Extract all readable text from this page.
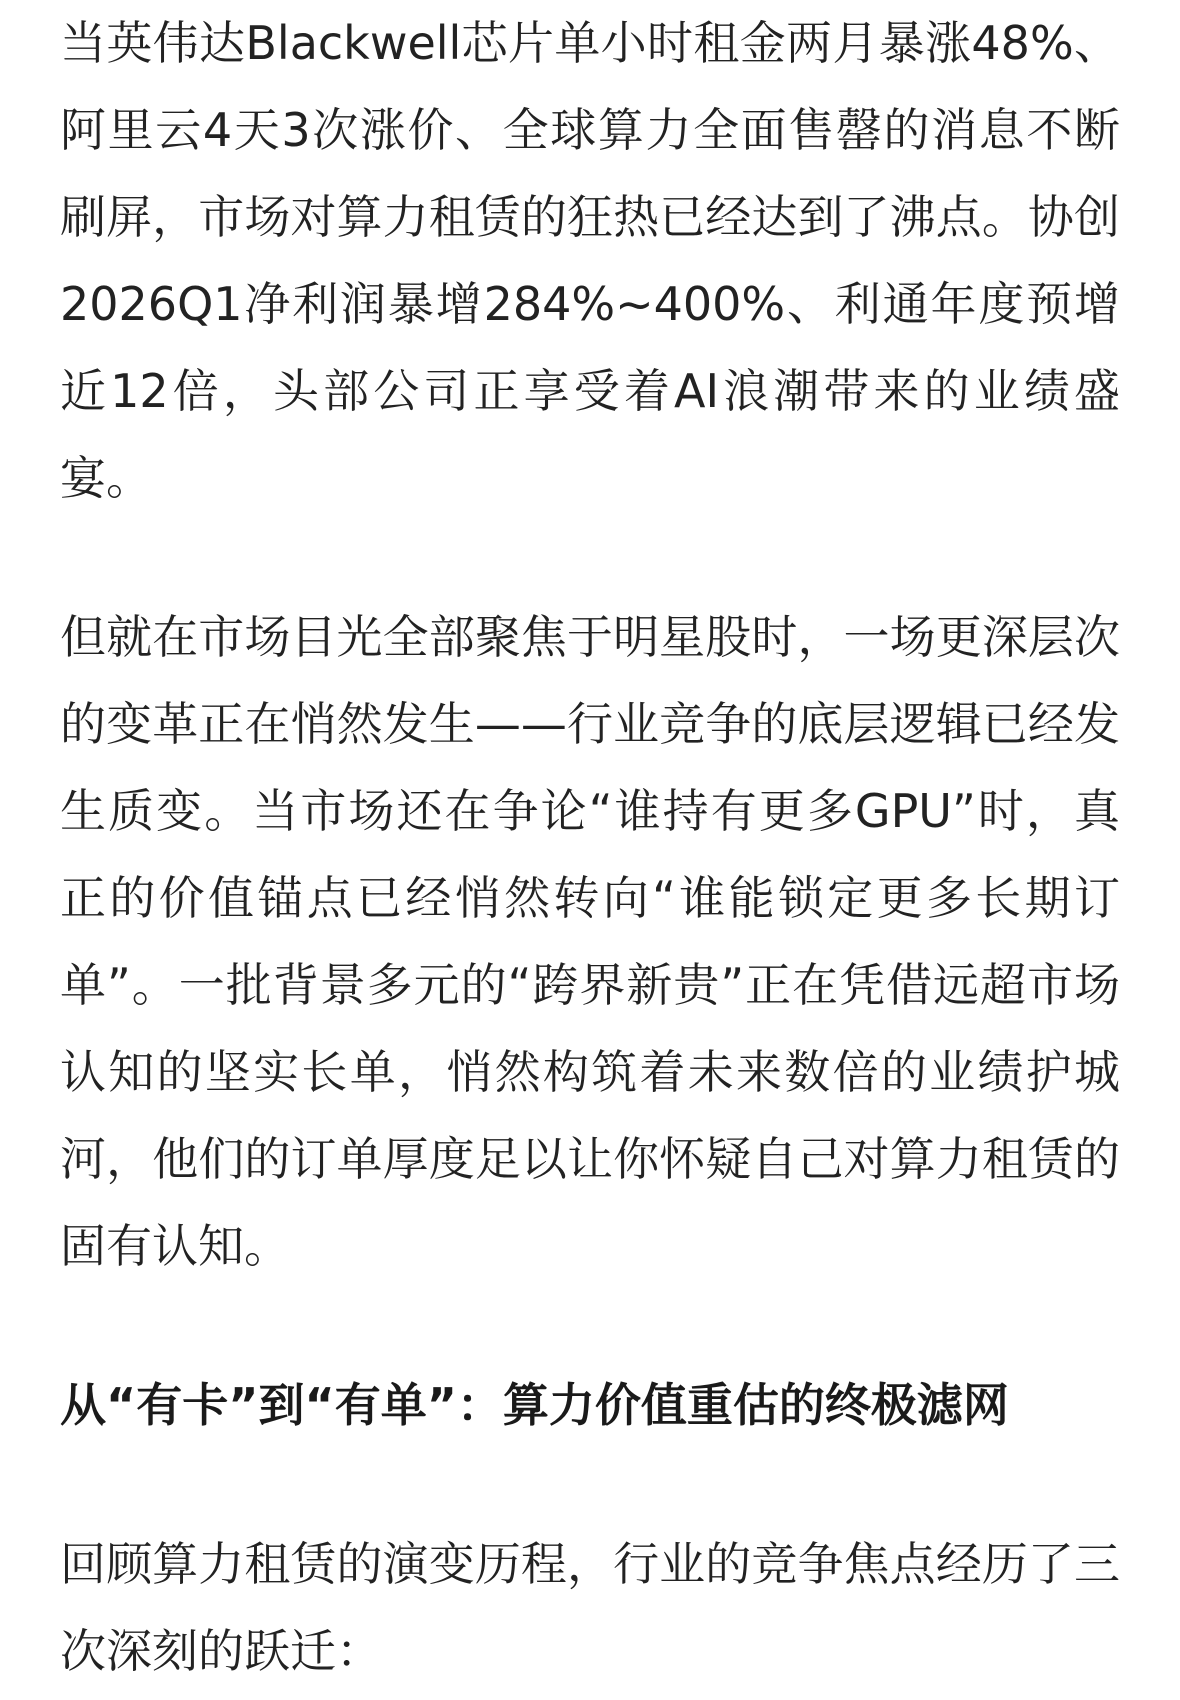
当英伟达Blackwell芯片单小时租金两月暴涨48%、阿里云4天3次涨价、全球算力全面售罄的消息不断刷屏，市场对算力租赁的狂热已经达到了沸点。协创2026Q1净利润暴增284%~400%、利通年度预增近12倍，头部公司正享受着AI浪潮带来的业绩盛宴。

但就在市场目光全部聚焦于明星股时，一场更深层次的变革正在悄然发生——行业竞争的底层逻辑已经发生质变。当市场还在争论“谁持有更多GPU”时，真正的价值锚点已经悄然转向“谁能锁定更多长期订单”。一批背景多元的“跨界新贵”正在凭借远超市场认知的坚实长单，悄然构筑着未来数倍的业绩护城河，他们的订单厚度足以让你怀疑自己对算力租赁的固有认知。

从“有卡”到“有单”：算力价值重估的终极滤网

回顾算力租赁的演变历程，行业的竞争焦点经历了三次深刻的跃迁：
